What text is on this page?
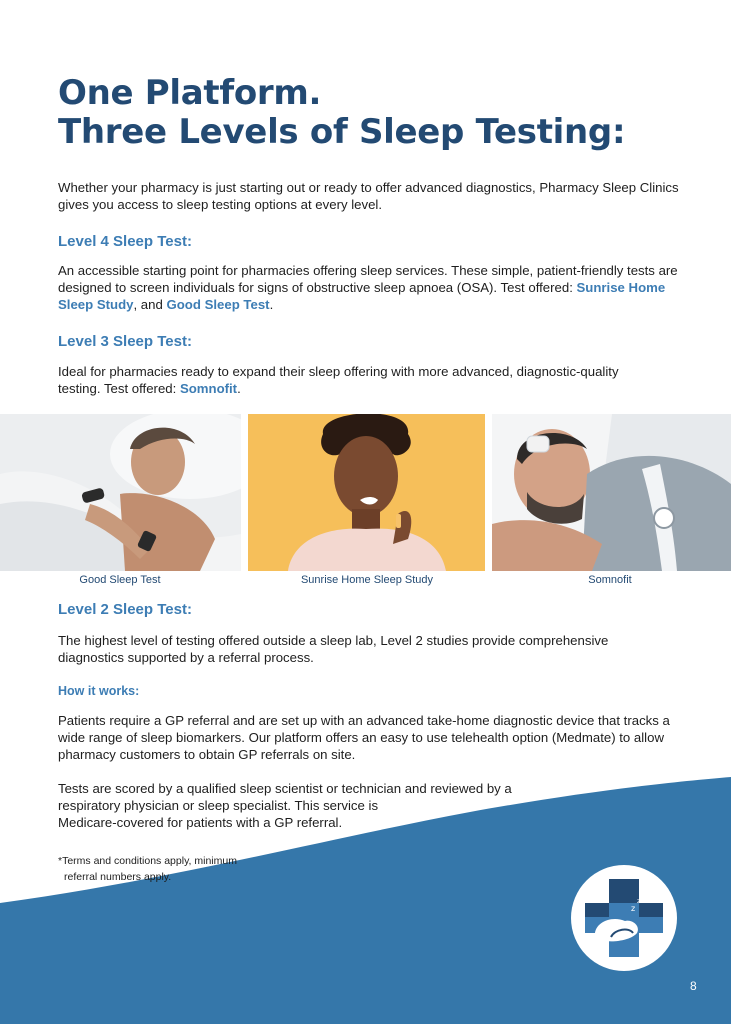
One Platform.
Three Levels of Sleep Testing:

Whether your pharmacy is just starting out or ready to offer advanced diagnostics, Pharmacy Sleep Clinics gives you access to sleep testing options at every level.

Level 4 Sleep Test:

An accessible starting point for pharmacies offering sleep services. These simple, patient-friendly tests are designed to screen individuals for signs of obstructive sleep apnoea (OSA). Test offered: Sunrise Home Sleep Study, and Good Sleep Test.

Level 3 Sleep Test:

Ideal for pharmacies ready to expand their sleep offering with more advanced, diagnostic-quality testing. Test offered: Somnofit.

Good Sleep Test	Sunrise Home Sleep Study	Somnofit
Level 2 Sleep Test:

The highest level of testing offered outside a sleep lab, Level 2 studies provide comprehensive diagnostics supported by a referral process.

How it works:

Patients require a GP referral and are set up with an advanced take-home diagnostic device that tracks a wide range of sleep biomarkers. Our platform offers an easy to use telehealth option (Medmate) to allow pharmacy customers to obtain GP referrals on site.

Tests are scored by a qualified sleep scientist or technician and reviewed by a
respiratory physician or sleep specialist. This service is
Medicare-covered for patients with a GP referral.

*Terms and conditions apply, minimum
referral numbers apply.

z
z
z
8
